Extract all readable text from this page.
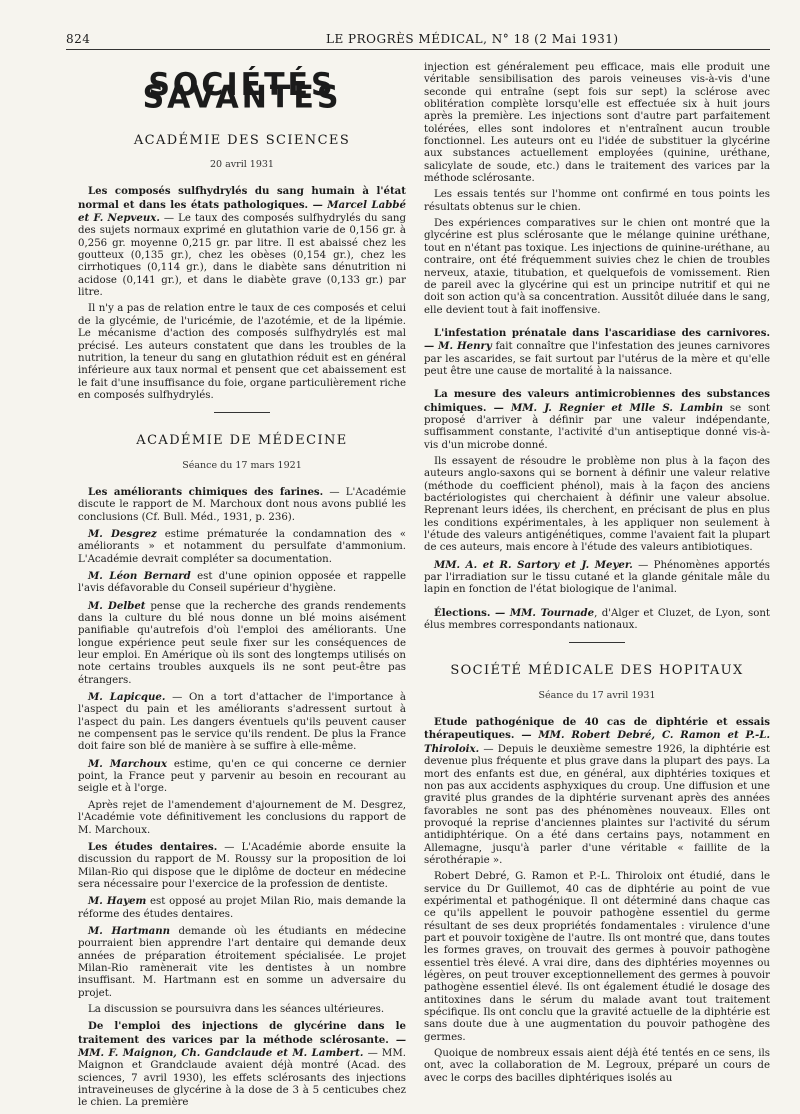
824	LE PROGRÈS MÉDICAL, N° 18 (2 Mai 1931)
SOCIÉTÉS SAVANTES
ACADÉMIE DES SCIENCES
20 avril 1931

Les composés sulfhydrylés du sang humain à l'état normal et dans les états pathologiques. — Marcel Labbé et F. Nepveux. — Le taux des composés sulfhydrylés du sang des sujets normaux exprimé en glutathion varie de 0,156 gr. à 0,256 gr. moyenne 0,215 gr. par litre. Il est abaissé chez les goutteux (0,135 gr.), chez les obèses (0,154 gr.), chez les cirrhotiques (0,114 gr.), dans le diabète sans dénutrition ni acidose (0,141 gr.), et dans le diabète grave (0,133 gr.) par litre.

Il n'y a pas de relation entre le taux de ces composés et celui de la glycémie, de l'uricémie, de l'azotémie, et de la lipémie. Le mécanisme d'action des composés sulfhydrylés est mal précisé. Les auteurs constatent que dans les troubles de la nutrition, la teneur du sang en glutathion réduit est en général inférieure aux taux normal et pensent que cet abaissement est le fait d'une insuffisance du foie, organe particulièrement riche en composés sulfhydrylés.

ACADÉMIE DE MÉDECINE
Séance du 17 mars 1921

Les améliorants chimiques des farines. — L'Académie discute le rapport de M. Marchoux dont nous avons publié les conclusions (Cf. Bull. Méd., 1931, p. 236).

M. Desgrez estime prématurée la condamnation des « améliorants » et notamment du persulfate d'ammonium. L'Académie devrait compléter sa documentation.

M. Léon Bernard est d'une opinion opposée et rappelle l'avis défavorable du Conseil supérieur d'hygiène.

M. Delbet pense que la recherche des grands rendements dans la culture du blé nous donne un blé moins aisément panifiable qu'autrefois d'où l'emploi des améliorants. Une longue expérience peut seule fixer sur les conséquences de leur emploi. En Amérique où ils sont des longtemps utilisés on note certains troubles auxquels ils ne sont peut-être pas étrangers.

M. Lapicque. — On a tort d'attacher de l'importance à l'aspect du pain et les améliorants s'adressent surtout à l'aspect du pain. Les dangers éventuels qu'ils peuvent causer ne compensent pas le service qu'ils rendent. De plus la France doit faire son blé de manière à se suffire à elle-même.

M. Marchoux estime, qu'en ce qui concerne ce dernier point, la France peut y parvenir au besoin en recourant au seigle et à l'orge.

Après rejet de l'amendement d'ajournement de M. Desgrez, l'Académie vote définitivement les conclusions du rapport de M. Marchoux.

Les études dentaires. — L'Académie aborde ensuite la discussion du rapport de M. Roussy sur la proposition de loi Milan-Rio qui dispose que le diplôme de docteur en médecine sera nécessaire pour l'exercice de la profession de dentiste.

M. Hayem est opposé au projet Milan Rio, mais demande la réforme des études dentaires.

M. Hartmann demande où les étudiants en médecine pourraient bien apprendre l'art dentaire qui demande deux années de préparation étroitement spécialisée. Le projet Milan-Rio ramènerait vite les dentistes à un nombre insuffisant. M. Hartmann est en somme un adversaire du projet.

La discussion se poursuivra dans les séances ultérieures.

De l'emploi des injections de glycérine dans le traitement des varices par la méthode sclérosante. — MM. F. Maignon, Ch. Gandclaude et M. Lambert. — MM. Maignon et Grandclaude avaient déjà montré (Acad. des sciences, 7 avril 1930), les effets sclérosants des injections intraveineuses de glycérine à la dose de 3 à 5 centicubes chez le chien. La première

injection est généralement peu efficace, mais elle produit une véritable sensibilisation des parois veineuses vis-à-vis d'une seconde qui entraîne (sept fois sur sept) la sclérose avec oblitération complète lorsqu'elle est effectuée six à huit jours après la première. Les injections sont d'autre part parfaitement tolérées, elles sont indolores et n'entraînent aucun trouble fonctionnel. Les auteurs ont eu l'idée de substituer la glycérine aux substances actuellement employées (quinine, uréthane, salicylate de soude, etc.) dans le traitement des varices par la méthode sclérosante.

Les essais tentés sur l'homme ont confirmé en tous points les résultats obtenus sur le chien.

Des expériences comparatives sur le chien ont montré que la glycérine est plus sclérosante que le mélange quinine uréthane, tout en n'étant pas toxique. Les injections de quinine-uréthane, au contraire, ont été fréquemment suivies chez le chien de troubles nerveux, ataxie, titubation, et quelquefois de vomissement. Rien de pareil avec la glycérine qui est un principe nutritif et qui ne doit son action qu'à sa concentration. Aussitôt diluée dans le sang, elle devient tout à fait inoffensive.

L'infestation prénatale dans l'ascaridiase des carnivores. — M. Henry fait connaître que l'infestation des jeunes carnivores par les ascarides, se fait surtout par l'utérus de la mère et qu'elle peut être une cause de mortalité à la naissance.

La mesure des valeurs antimicrobiennes des substances chimiques. — MM. J. Regnier et Mlle S. Lambin se sont proposé d'arriver à définir par une valeur indépendante, suffisamment constante, l'activité d'un antiseptique donné vis-à-vis d'un microbe donné.

Ils essayent de résoudre le problème non plus à la façon des auteurs anglo-saxons qui se bornent à définir une valeur relative (méthode du coefficient phénol), mais à la façon des anciens bactériologistes qui cherchaient à définir une valeur absolue. Reprenant leurs idées, ils cherchent, en précisant de plus en plus les conditions expérimentales, à les appliquer non seulement à l'étude des valeurs antigénétiques, comme l'avaient fait la plupart de ces auteurs, mais encore à l'étude des valeurs antibiotiques.

MM. A. et R. Sartory et J. Meyer. — Phénomènes apportés par l'irradiation sur le tissu cutané et la glande génitale mâle du lapin en fonction de l'état biologique de l'animal.

Élections. — MM. Tournade, d'Alger et Cluzet, de Lyon, sont élus membres correspondants nationaux.

SOCIÉTÉ MÉDICALE DES HOPITAUX
Séance du 17 avril 1931

Etude pathogénique de 40 cas de diphtérie et essais thérapeutiques. — MM. Robert Debré, C. Ramon et P.-L. Thiroloix. — Depuis le deuxième semestre 1926, la diphtérie est devenue plus fréquente et plus grave dans la plupart des pays. La mort des enfants est due, en général, aux diphtéries toxiques et non pas aux accidents asphyxiques du croup. Une diffusion et une gravité plus grandes de la diphtérie survenant après des années favorables ne sont pas des phénomènes nouveaux. Elles ont provoqué la reprise d'anciennes plaintes sur l'activité du sérum antidiphtérique. On a été dans certains pays, notamment en Allemagne, jusqu'à parler d'une véritable « faillite de la sérothérapie ».

Robert Debré, G. Ramon et P.-L. Thiroloix ont étudié, dans le service du Dr Guillemot, 40 cas de diphtérie au point de vue expérimental et pathogénique. Il ont déterminé dans chaque cas ce qu'ils appellent le pouvoir pathogène essentiel du germe résultant de ses deux propriétés fondamentales : virulence d'une part et pouvoir toxigène de l'autre. Ils ont montré que, dans toutes les formes graves, on trouvait des germes à pouvoir pathogène essentiel très élevé. A vrai dire, dans des diphtéries moyennes ou légères, on peut trouver exceptionnellement des germes à pouvoir pathogène essentiel élevé. Ils ont également étudié le dosage des antitoxines dans le sérum du malade avant tout traitement spécifique. Ils ont conclu que la gravité actuelle de la diphtérie est sans doute due à une augmentation du pouvoir pathogène des germes.

Quoique de nombreux essais aient déjà été tentés en ce sens, ils ont, avec la collaboration de M. Legroux, préparé un cours de avec le corps des bacilles diphtériques isolés au
